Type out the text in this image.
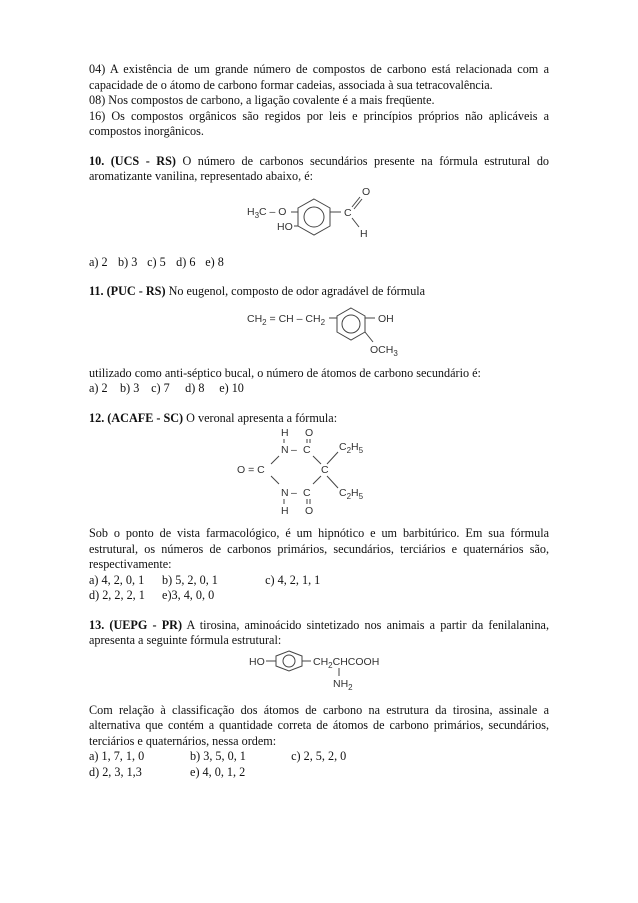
04) A existência de um grande número de compostos de carbono está relacionada com a capacidade de o átomo de carbono formar cadeias, associada à sua tetracovalência.

08) Nos compostos de carbono, a ligação covalente é a mais freqüente.

16) Os compostos orgânicos são regidos por leis e princípios próprios não aplicáveis a compostos inorgânicos.

10. (UCS - RS) O número de carbonos secundários presente na fórmula estrutural do aromatizante vanilina, representado abaixo, é:

$H_3C$ – O
HO
C
O
H

a) 2 b) 3 c) 5 d) 6 e) 8

11. (PUC - RS) No eugenol, composto de odor agradável de fórmula

$CH_2$ = CH – $CH_2$	OH
$OCH_3$

utilizado como anti-séptico bucal, o número de átomos de carbono secundário é:

a) 2 b) 3 c) 7 d) 8 e) 10

12. (ACAFE - SC) O veronal apresenta a fórmula:

H O
N – C	$C_2H_5$
O = C	C
$C_2H_5$
N – C
H O

Sob o ponto de vista farmacológico, é um hipnótico e um barbitúrico. Em sua fórmula estrutural, os números de carbonos primários, secundários, terciários e quaternários são, respectivamente:

a) 4, 2, 0, 1 b) 5, 2, 0, 1	c) 4, 2, 1, 1

d) 2, 2, 2, 1 e)3, 4, 0, 0

13. (UEPG - PR) A tirosina, aminoácido sintetizado nos animais a partir da fenilalanina, apresenta a seguinte fórmula estrutural:

HO	$CH_2CHCOOH$
$NH_2$

Com relação à classificação dos átomos de carbono na estrutura da tirosina, assinale a alternativa que contém a quantidade correta de átomos de carbono primários, secundários, terciários e quaternários, nessa ordem:

a) 1, 7, 1, 0	b) 3, 5, 0, 1	c) 2, 5, 2, 0

d) 2, 3, 1,3	e) 4, 0, 1, 2
